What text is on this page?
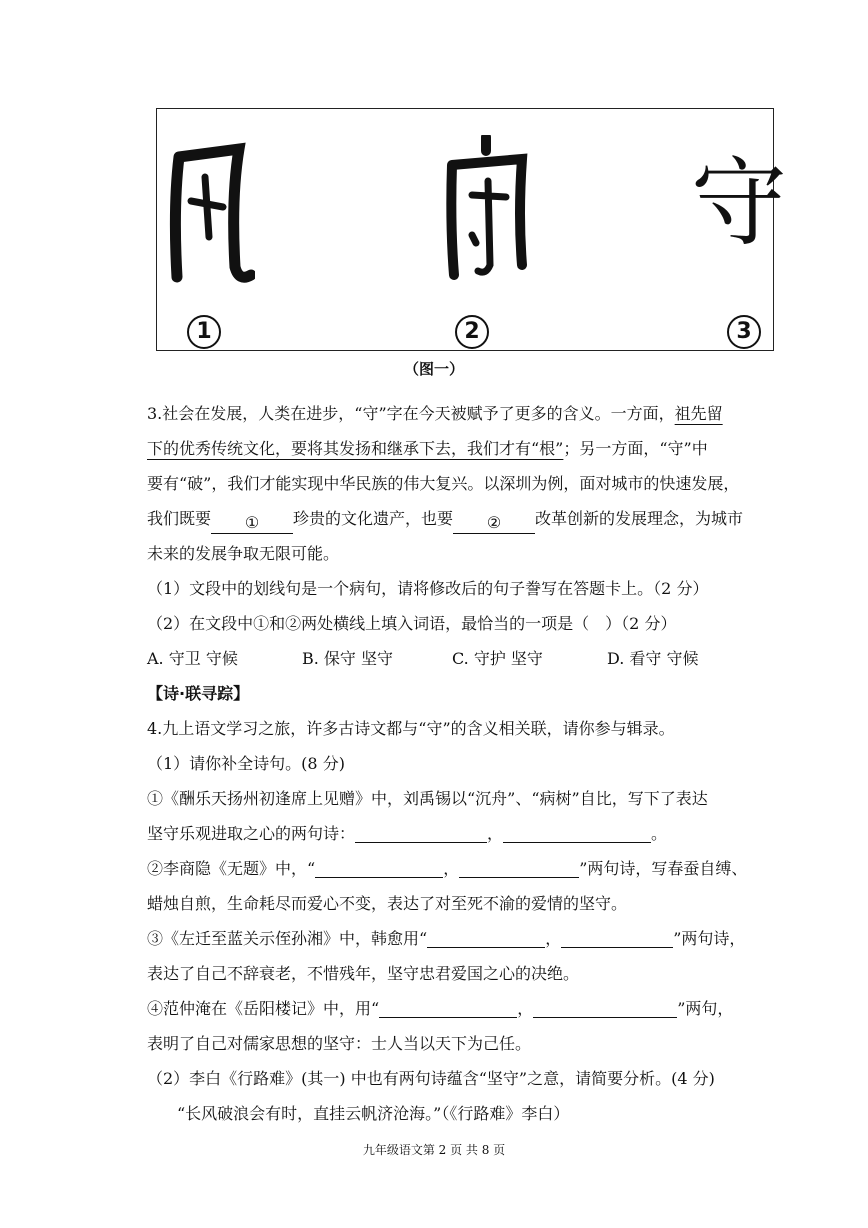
守
1	2	3
（图一）
3.社会在发展，人类在进步，“守”字在今天被赋予了更多的含义。一方面，祖先留
下的优秀传统文化，要将其发扬和继承下去，我们才有“根”；另一方面，“守”中
要有“破”，我们才能实现中华民族的伟大复兴。以深圳为例，面对城市的快速发展，
我们既要 ① 珍贵的文化遗产，也要 ② 改革创新的发展理念，为城市
未来的发展争取无限可能。
（1）文段中的划线句是一个病句，请将修改后的句子誊写在答题卡上。（2 分）
（2）在文段中①和②两处横线上填入词语，最恰当的一项是（　）（2 分）
A. 守卫 守候	B. 保守 坚守	C. 守护 坚守	D. 看守 守候
【诗·联寻踪】
4.九上语文学习之旅，许多古诗文都与“守”的含义相关联，请你参与辑录。
（1）请你补全诗句。(8 分)
①《酬乐天扬州初逢席上见赠》中，刘禹锡以“沉舟”、“病树”自比，写下了表达
坚守乐观进取之心的两句诗：	，	。
②李商隐《无题》中，“	，	”两句诗，写春蚕自缚、
蜡烛自煎，生命耗尽而爱心不变，表达了对至死不渝的爱情的坚守。
③《左迁至蓝关示侄孙湘》中，韩愈用“	，	”两句诗，
表达了自己不辞衰老，不惜残年，坚守忠君爱国之心的决绝。
④范仲淹在《岳阳楼记》中，用“	，	”两句，
表明了自己对儒家思想的坚守：士人当以天下为己任。
（2）李白《行路难》(其一) 中也有两句诗蕴含“坚守”之意，请简要分析。(4 分)
“长风破浪会有时，直挂云帆济沧海。”（《行路难》李白）
九年级语文第 2 页 共 8 页
